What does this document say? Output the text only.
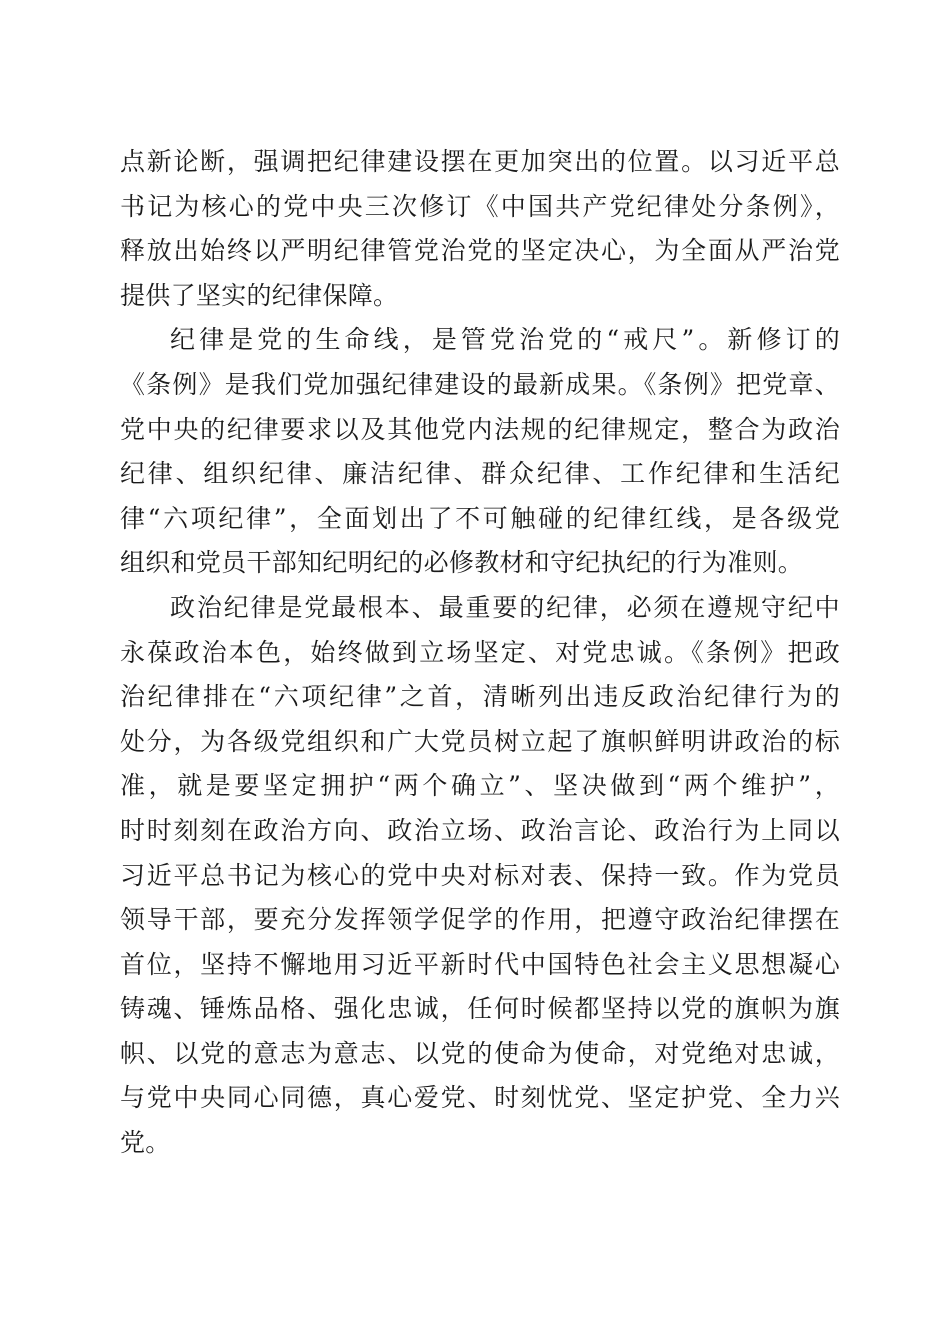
点新论断，强调把纪律建设摆在更加突出的位置。以习近平总
书记为核心的党中央三次修订《中国共产党纪律处分条例》，
释放出始终以严明纪律管党治党的坚定决心，为全面从严治党
提供了坚实的纪律保障。
纪律是党的生命线，是管党治党的“戒尺”。新修订的
《条例》是我们党加强纪律建设的最新成果。《条例》把党章、
党中央的纪律要求以及其他党内法规的纪律规定，整合为政治
纪律、组织纪律、廉洁纪律、群众纪律、工作纪律和生活纪
律“六项纪律”，全面划出了不可触碰的纪律红线，是各级党
组织和党员干部知纪明纪的必修教材和守纪执纪的行为准则。
政治纪律是党最根本、最重要的纪律，必须在遵规守纪中
永葆政治本色，始终做到立场坚定、对党忠诚。《条例》把政
治纪律排在“六项纪律”之首，清晰列出违反政治纪律行为的
处分，为各级党组织和广大党员树立起了旗帜鲜明讲政治的标
准，就是要坚定拥护“两个确立”、坚决做到“两个维护”，
时时刻刻在政治方向、政治立场、政治言论、政治行为上同以
习近平总书记为核心的党中央对标对表、保持一致。作为党员
领导干部，要充分发挥领学促学的作用，把遵守政治纪律摆在
首位，坚持不懈地用习近平新时代中国特色社会主义思想凝心
铸魂、锤炼品格、强化忠诚，任何时候都坚持以党的旗帜为旗
帜、以党的意志为意志、以党的使命为使命，对党绝对忠诚，
与党中央同心同德，真心爱党、时刻忧党、坚定护党、全力兴
党。
